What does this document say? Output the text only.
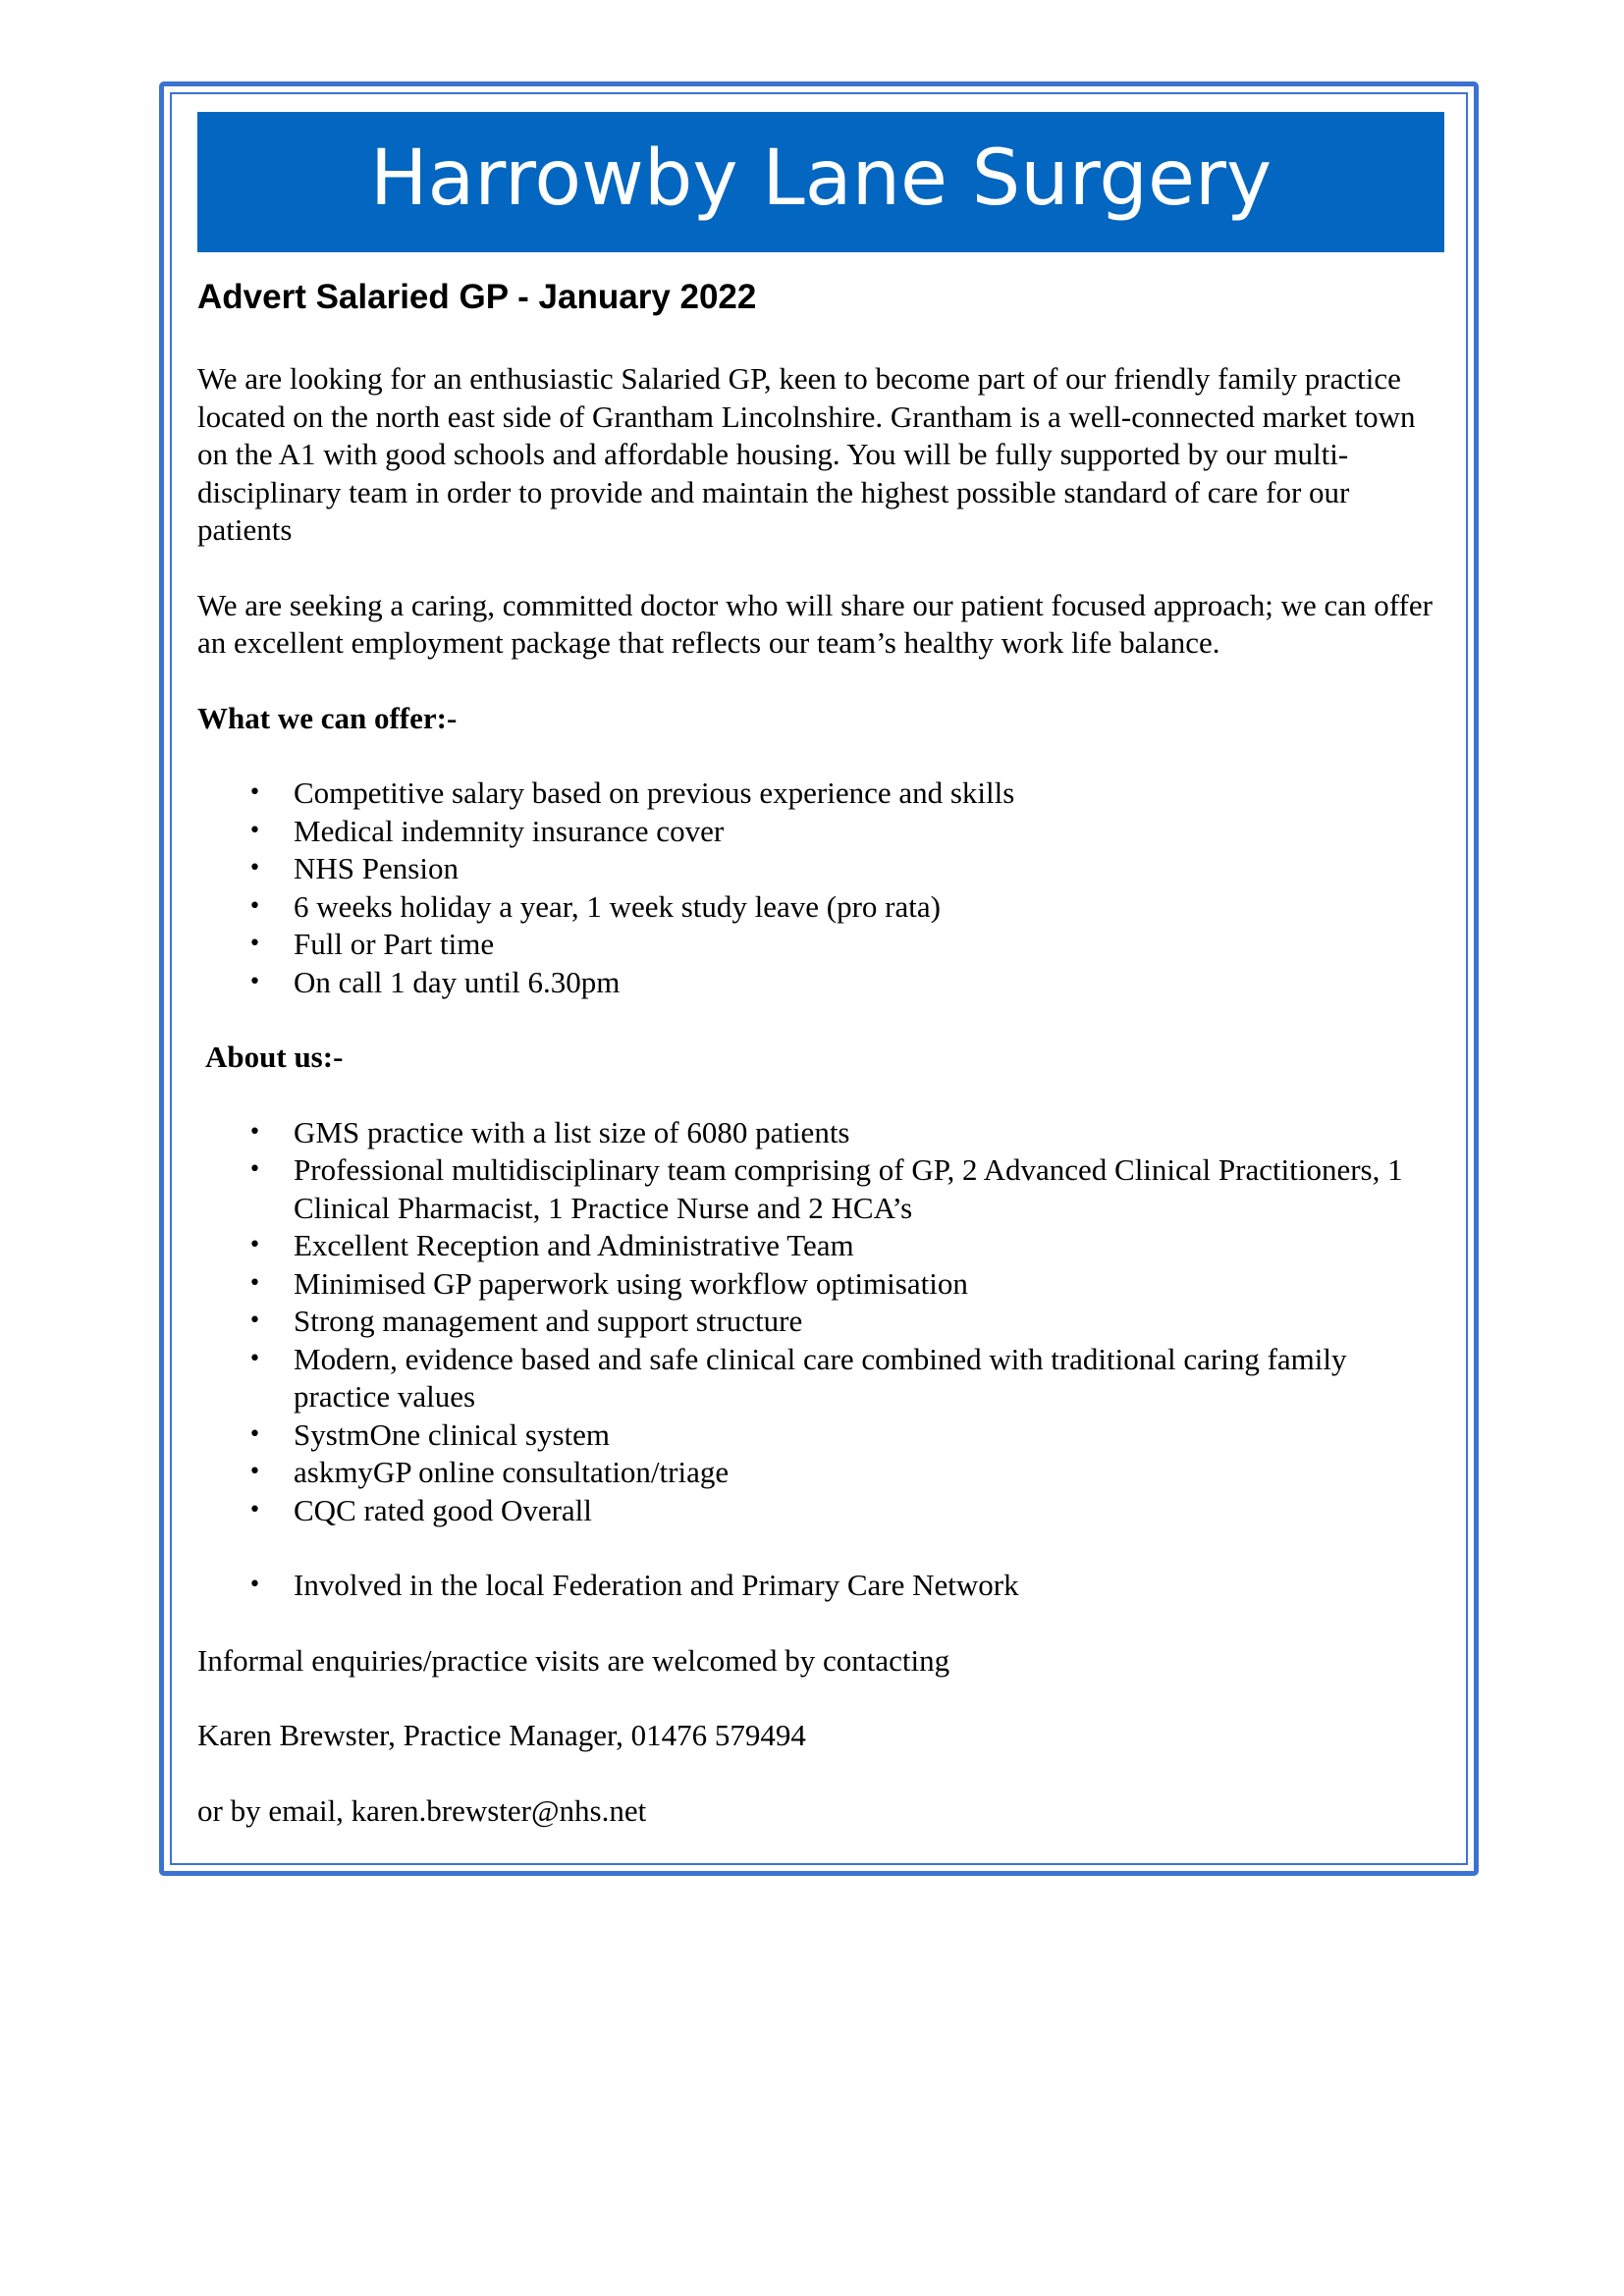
Harrowby Lane Surgery
Advert Salaried GP - January 2022

We are looking for an enthusiastic Salaried GP, keen to become part of our friendly family practice located on the north east side of Grantham Lincolnshire. Grantham is a well-connected market town on the A1 with good schools and affordable housing. You will be fully supported by our multi-disciplinary team in order to provide and maintain the highest possible standard of care for our patients

We are seeking a caring, committed doctor who will share our patient focused approach; we can offer an excellent employment package that reflects our team’s healthy work life balance.

What we can offer:-
• Competitive salary based on previous experience and skills
• Medical indemnity insurance cover
• NHS Pension
• 6 weeks holiday a year, 1 week study leave (pro rata)
• Full or Part time
• On call 1 day until 6.30pm
About us:-
• GMS practice with a list size of 6080 patients
• Professional multidisciplinary team comprising of GP, 2 Advanced Clinical Practitioners, 1 Clinical Pharmacist, 1 Practice Nurse and 2 HCA’s
• Excellent Reception and Administrative Team
• Minimised GP paperwork using workflow optimisation
• Strong management and support structure
• Modern, evidence based and safe clinical care combined with traditional caring family practice values
• SystmOne clinical system
• askmyGP online consultation/triage
• CQC rated good Overall
• Involved in the local Federation and Primary Care Network

Informal enquiries/practice visits are welcomed by contacting

Karen Brewster, Practice Manager, 01476 579494

or by email, karen.brewster@nhs.net
